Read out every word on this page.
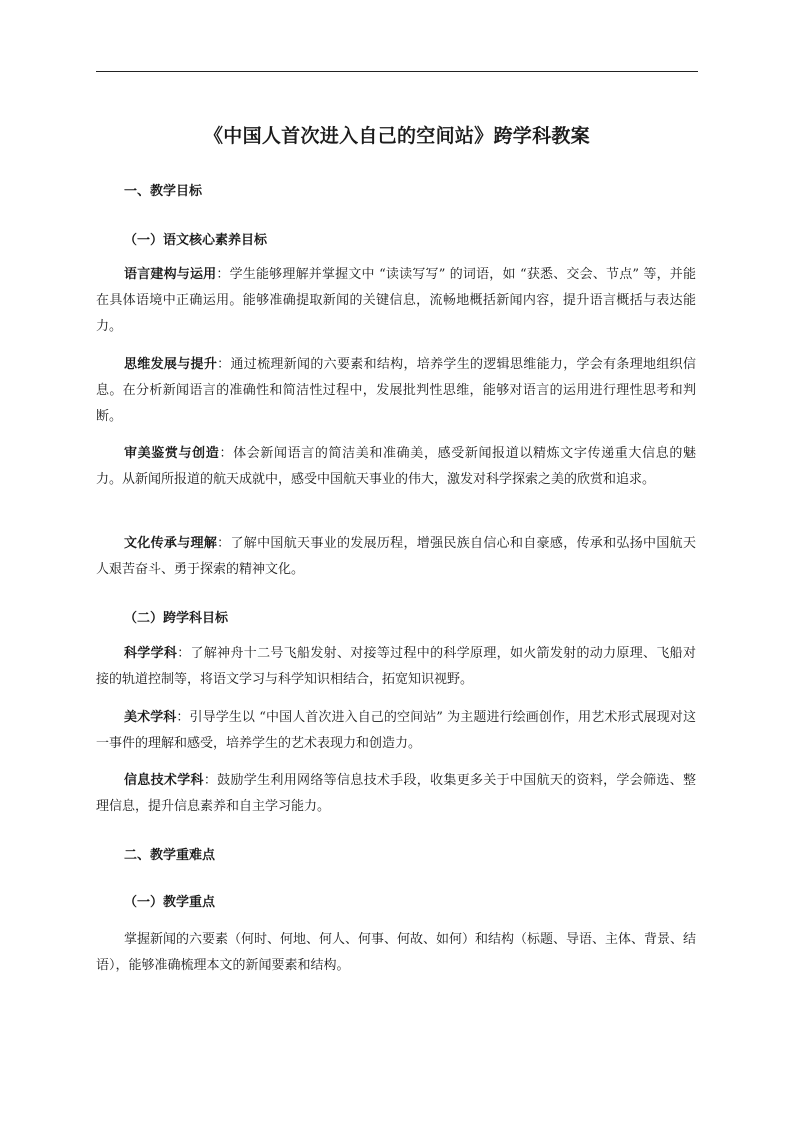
《中国人首次进入自己的空间站》跨学科教案
一、教学目标
（一）语文核心素养目标

语言建构与运用：学生能够理解并掌握文中 “读读写写” 的词语，如 “获悉、交会、节点” 等，并能在具体语境中正确运用。能够准确提取新闻的关键信息，流畅地概括新闻内容，提升语言概括与表达能力。

思维发展与提升：通过梳理新闻的六要素和结构，培养学生的逻辑思维能力，学会有条理地组织信息。在分析新闻语言的准确性和简洁性过程中，发展批判性思维，能够对语言的运用进行理性思考和判断。

审美鉴赏与创造：体会新闻语言的简洁美和准确美，感受新闻报道以精炼文字传递重大信息的魅力。从新闻所报道的航天成就中，感受中国航天事业的伟大，激发对科学探索之美的欣赏和追求。

文化传承与理解：了解中国航天事业的发展历程，增强民族自信心和自豪感，传承和弘扬中国航天人艰苦奋斗、勇于探索的精神文化。

（二）跨学科目标

科学学科：了解神舟十二号飞船发射、对接等过程中的科学原理，如火箭发射的动力原理、飞船对接的轨道控制等，将语文学习与科学知识相结合，拓宽知识视野。

美术学科：引导学生以 “中国人首次进入自己的空间站” 为主题进行绘画创作，用艺术形式展现对这一事件的理解和感受，培养学生的艺术表现力和创造力。

信息技术学科：鼓励学生利用网络等信息技术手段，收集更多关于中国航天的资料，学会筛选、整理信息，提升信息素养和自主学习能力。

二、教学重难点
（一）教学重点

掌握新闻的六要素（何时、何地、何人、何事、何故、如何）和结构（标题、导语、主体、背景、结语），能够准确梳理本文的新闻要素和结构。
